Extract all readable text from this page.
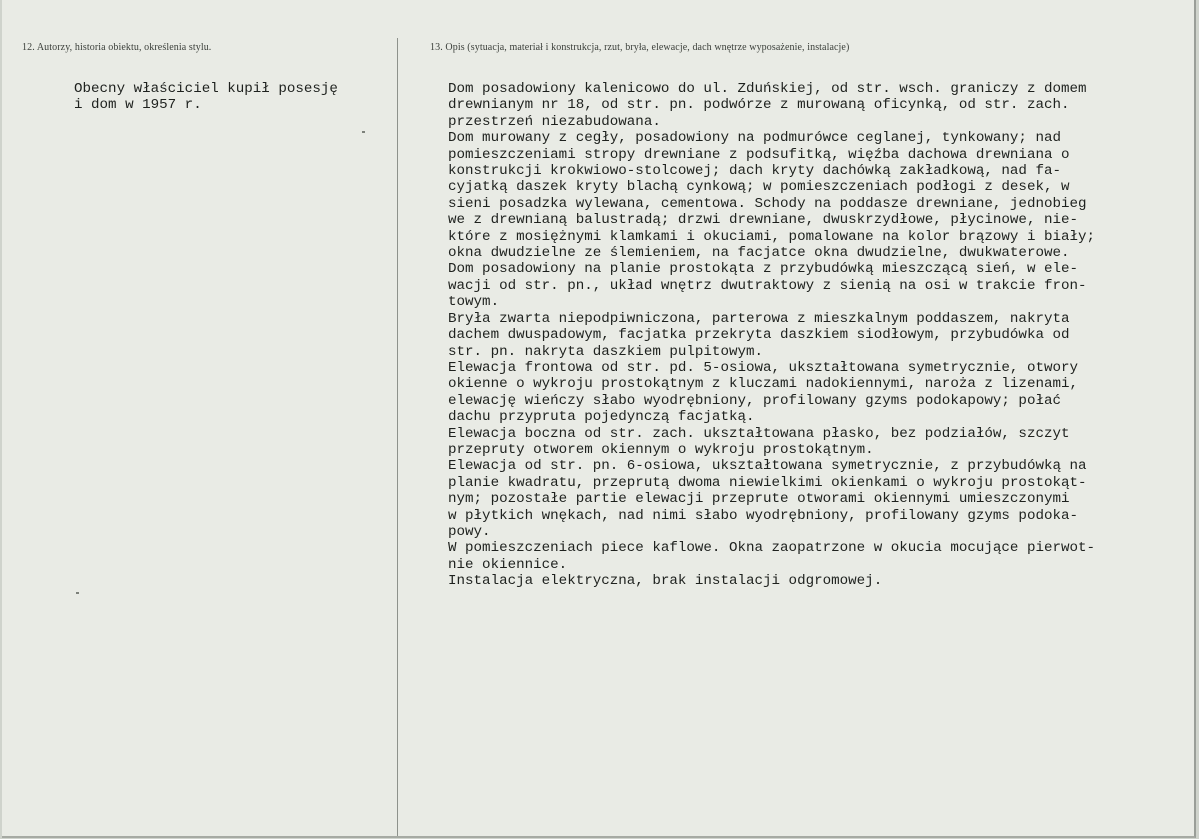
12. Autorzy, historia obiektu, określenia stylu.	13. Opis (sytuacja, materiał i konstrukcja, rzut, bryła, elewacje, dach wnętrze wyposażenie, instalacje)
Obecny właściciel kupił posesję
i dom w 1957 r.
Dom posadowiony kalenicowo do ul. Zduńskiej, od str. wsch. graniczy z domem
drewnianym nr 18, od str. pn. podwórze z murowaną oficynką, od str. zach.
przestrzeń niezabudowana.
Dom murowany z cegły, posadowiony na podmurówce ceglanej, tynkowany; nad
pomieszczeniami stropy drewniane z podsufitką, więźba dachowa drewniana o
konstrukcji krokwiowo-stolcowej; dach kryty dachówką zakładkową, nad fa-
cyjatką daszek kryty blachą cynkową; w pomieszczeniach podłogi z desek, w
sieni posadzka wylewana, cementowa. Schody na poddasze drewniane, jednobieg
we z drewnianą balustradą; drzwi drewniane, dwuskrzydłowe, płycinowe, nie-
które z mosiężnymi klamkami i okuciami, pomalowane na kolor brązowy i biały;
okna dwudzielne ze ślemieniem, na facjatce okna dwudzielne, dwukwaterowe.
Dom posadowiony na planie prostokąta z przybudówką mieszczącą sień, w ele-
wacji od str. pn., układ wnętrz dwutraktowy z sienią na osi w trakcie fron-
towym.
Bryła zwarta niepodpiwniczona, parterowa z mieszkalnym poddaszem, nakryta
dachem dwuspadowym, facjatka przekryta daszkiem siodłowym, przybudówka od
str. pn. nakryta daszkiem pulpitowym.
Elewacja frontowa od str. pd. 5-osiowa, ukształtowana symetrycznie, otwory
okienne o wykroju prostokątnym z kluczami nadokiennymi, naroża z lizenami,
elewację wieńczy słabo wyodrębniony, profilowany gzyms podokapowy; połać
dachu przypruta pojedynczą facjatką.
Elewacja boczna od str. zach. ukształtowana płasko, bez podziałów, szczyt
przepruty otworem okiennym o wykroju prostokątnym.
Elewacja od str. pn. 6-osiowa, ukształtowana symetrycznie, z przybudówką na
planie kwadratu, przeprutą dwoma niewielkimi okienkami o wykroju prostokąt-
nym; pozostałe partie elewacji przeprute otworami okiennymi umieszczonymi
w płytkich wnękach, nad nimi słabo wyodrębniony, profilowany gzyms podoka-
powy.
W pomieszczeniach piece kaflowe. Okna zaopatrzone w okucia mocujące pierwot-
nie okiennice.
Instalacja elektryczna, brak instalacji odgromowej.
